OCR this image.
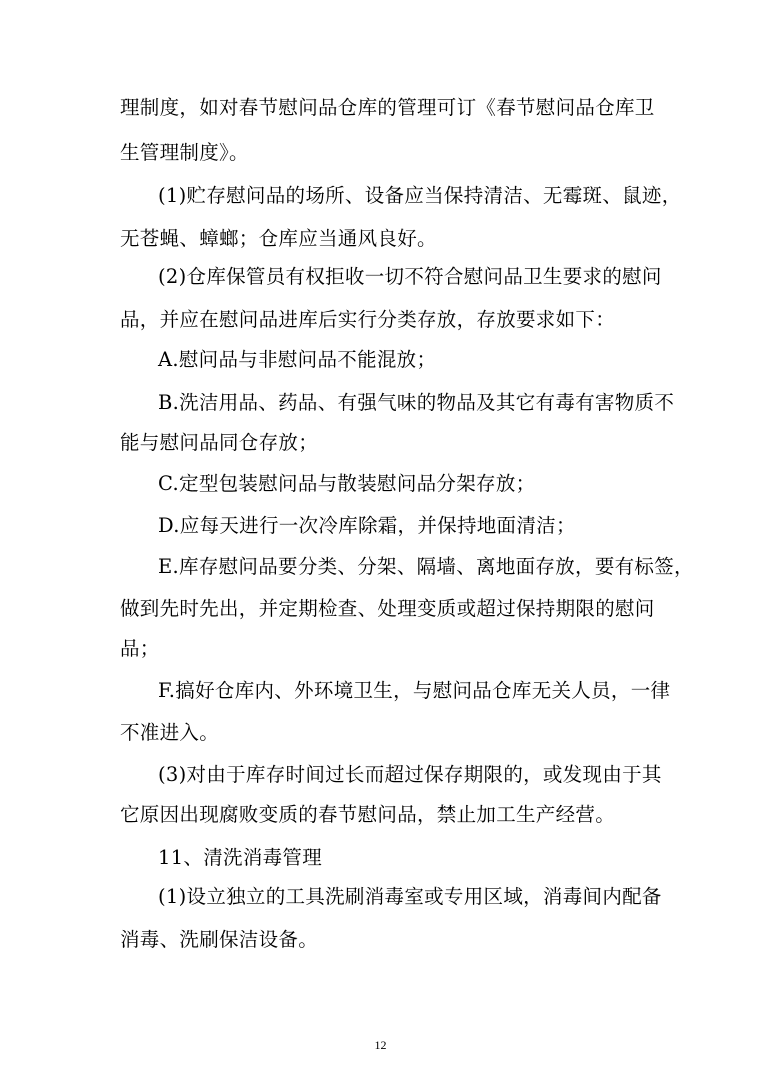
理制度，如对春节慰问品仓库的管理可订《春节慰问品仓库卫
生管理制度》。
(1)贮存慰问品的场所、设备应当保持清洁、无霉斑、鼠迹，
无苍蝇、蟑螂；仓库应当通风良好。
(2)仓库保管员有权拒收一切不符合慰问品卫生要求的慰问
品，并应在慰问品进库后实行分类存放，存放要求如下：
A.慰问品与非慰问品不能混放；
B.洗洁用品、药品、有强气味的物品及其它有毒有害物质不
能与慰问品同仓存放；
C.定型包装慰问品与散装慰问品分架存放；
D.应每天进行一次冷库除霜，并保持地面清洁；
E.库存慰问品要分类、分架、隔墙、离地面存放，要有标签，
做到先时先出，并定期检查、处理变质或超过保持期限的慰问
品；
F.搞好仓库内、外环境卫生，与慰问品仓库无关人员，一律
不准进入。
(3)对由于库存时间过长而超过保存期限的，或发现由于其
它原因出现腐败变质的春节慰问品，禁止加工生产经营。
11、清洗消毒管理
(1)设立独立的工具洗刷消毒室或专用区域，消毒间内配备
消毒、洗刷保洁设备。
12
